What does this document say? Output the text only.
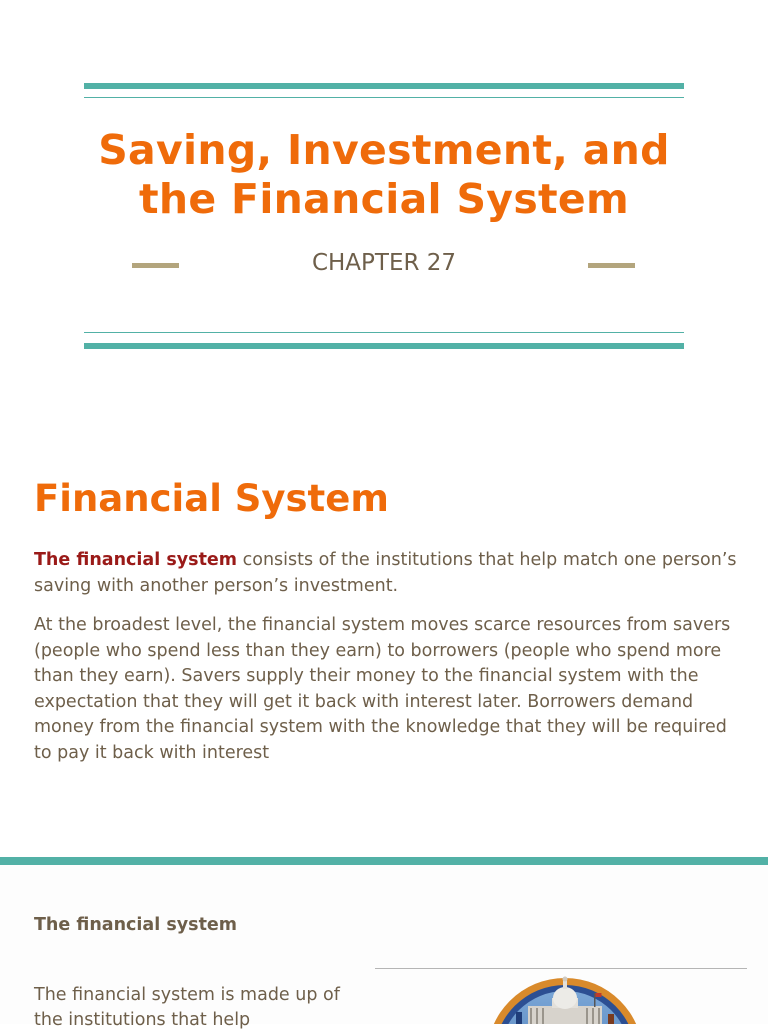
Saving, Investment, and the Financial System
CHAPTER 27
Financial System

The financial system consists of the institutions that help match one person’s saving with another person’s investment.

At the broadest level, the financial system moves scarce resources from savers (people who spend less than they earn) to borrowers (people who spend more than they earn). Savers supply their money to the financial system with the expectation that they will get it back with interest later. Borrowers demand money from the financial system with the knowledge that they will be required to pay it back with interest

The financial system

The financial system is made up of the institutions that help
